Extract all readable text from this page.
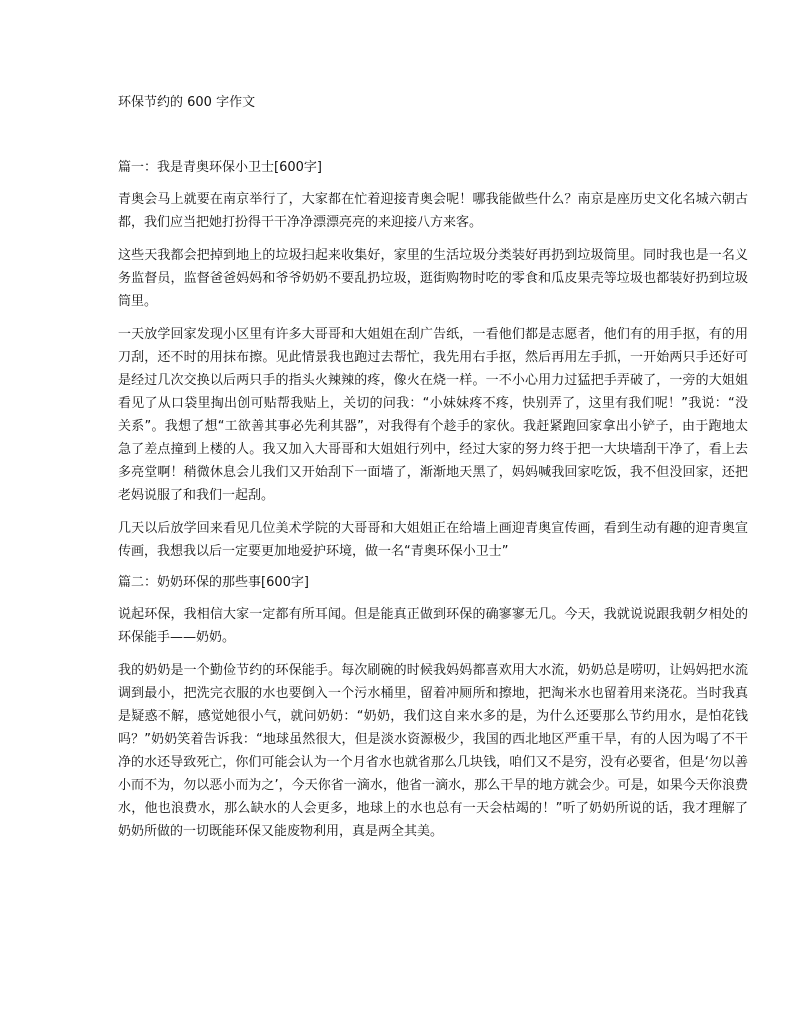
环保节约的 600 字作文
篇一：我是青奥环保小卫士[600字]

青奥会马上就要在南京举行了，大家都在忙着迎接青奥会呢！哪我能做些什么？南京是座历史文化名城六朝古都，我们应当把她打扮得干干净净漂漂亮亮的来迎接八方来客。

这些天我都会把掉到地上的垃圾扫起来收集好，家里的生活垃圾分类装好再扔到垃圾筒里。同时我也是一名义务监督员，监督爸爸妈妈和爷爷奶奶不要乱扔垃圾，逛街购物时吃的零食和瓜皮果壳等垃圾也都装好扔到垃圾筒里。

一天放学回家发现小区里有许多大哥哥和大姐姐在刮广告纸，一看他们都是志愿者，他们有的用手抠，有的用刀刮，还不时的用抹布擦。见此情景我也跑过去帮忙，我先用右手抠，然后再用左手抓，一开始两只手还好可是经过几次交换以后两只手的指头火辣辣的疼，像火在烧一样。一不小心用力过猛把手弄破了，一旁的大姐姐看见了从口袋里掏出创可贴帮我贴上，关切的问我：“小妹妹疼不疼，快别弄了，这里有我们呢！”我说：“没关系”。我想了想“工欲善其事必先利其器”，对我得有个趁手的家伙。我赶紧跑回家拿出小铲子，由于跑地太急了差点撞到上楼的人。我又加入大哥哥和大姐姐行列中，经过大家的努力终于把一大块墙刮干净了，看上去多亮堂啊！稍微休息会儿我们又开始刮下一面墙了，渐渐地天黑了，妈妈喊我回家吃饭，我不但没回家，还把老妈说服了和我们一起刮。

几天以后放学回来看见几位美术学院的大哥哥和大姐姐正在给墙上画迎青奥宣传画，看到生动有趣的迎青奥宣传画，我想我以后一定要更加地爱护环境，做一名“青奥环保小卫士”

篇二：奶奶环保的那些事[600字]

说起环保，我相信大家一定都有所耳闻。但是能真正做到环保的确寥寥无几。今天，我就说说跟我朝夕相处的环保能手——奶奶。

我的奶奶是一个勤俭节约的环保能手。每次刷碗的时候我妈妈都喜欢用大水流，奶奶总是唠叨，让妈妈把水流调到最小，把洗完衣服的水也要倒入一个污水桶里，留着冲厕所和擦地，把淘米水也留着用来浇花。当时我真是疑惑不解，感觉她很小气，就问奶奶：“奶奶，我们这自来水多的是，为什么还要那么节约用水，是怕花钱吗？”奶奶笑着告诉我：“地球虽然很大，但是淡水资源极少，我国的西北地区严重干旱，有的人因为喝了不干净的水还导致死亡，你们可能会认为一个月省水也就省那么几块钱，咱们又不是穷，没有必要省，但是‘勿以善小而不为，勿以恶小而为之’，今天你省一滴水，他省一滴水，那么干旱的地方就会少。可是，如果今天你浪费水，他也浪费水，那么缺水的人会更多，地球上的水也总有一天会枯竭的！”听了奶奶所说的话，我才理解了奶奶所做的一切既能环保又能废物利用，真是两全其美。
